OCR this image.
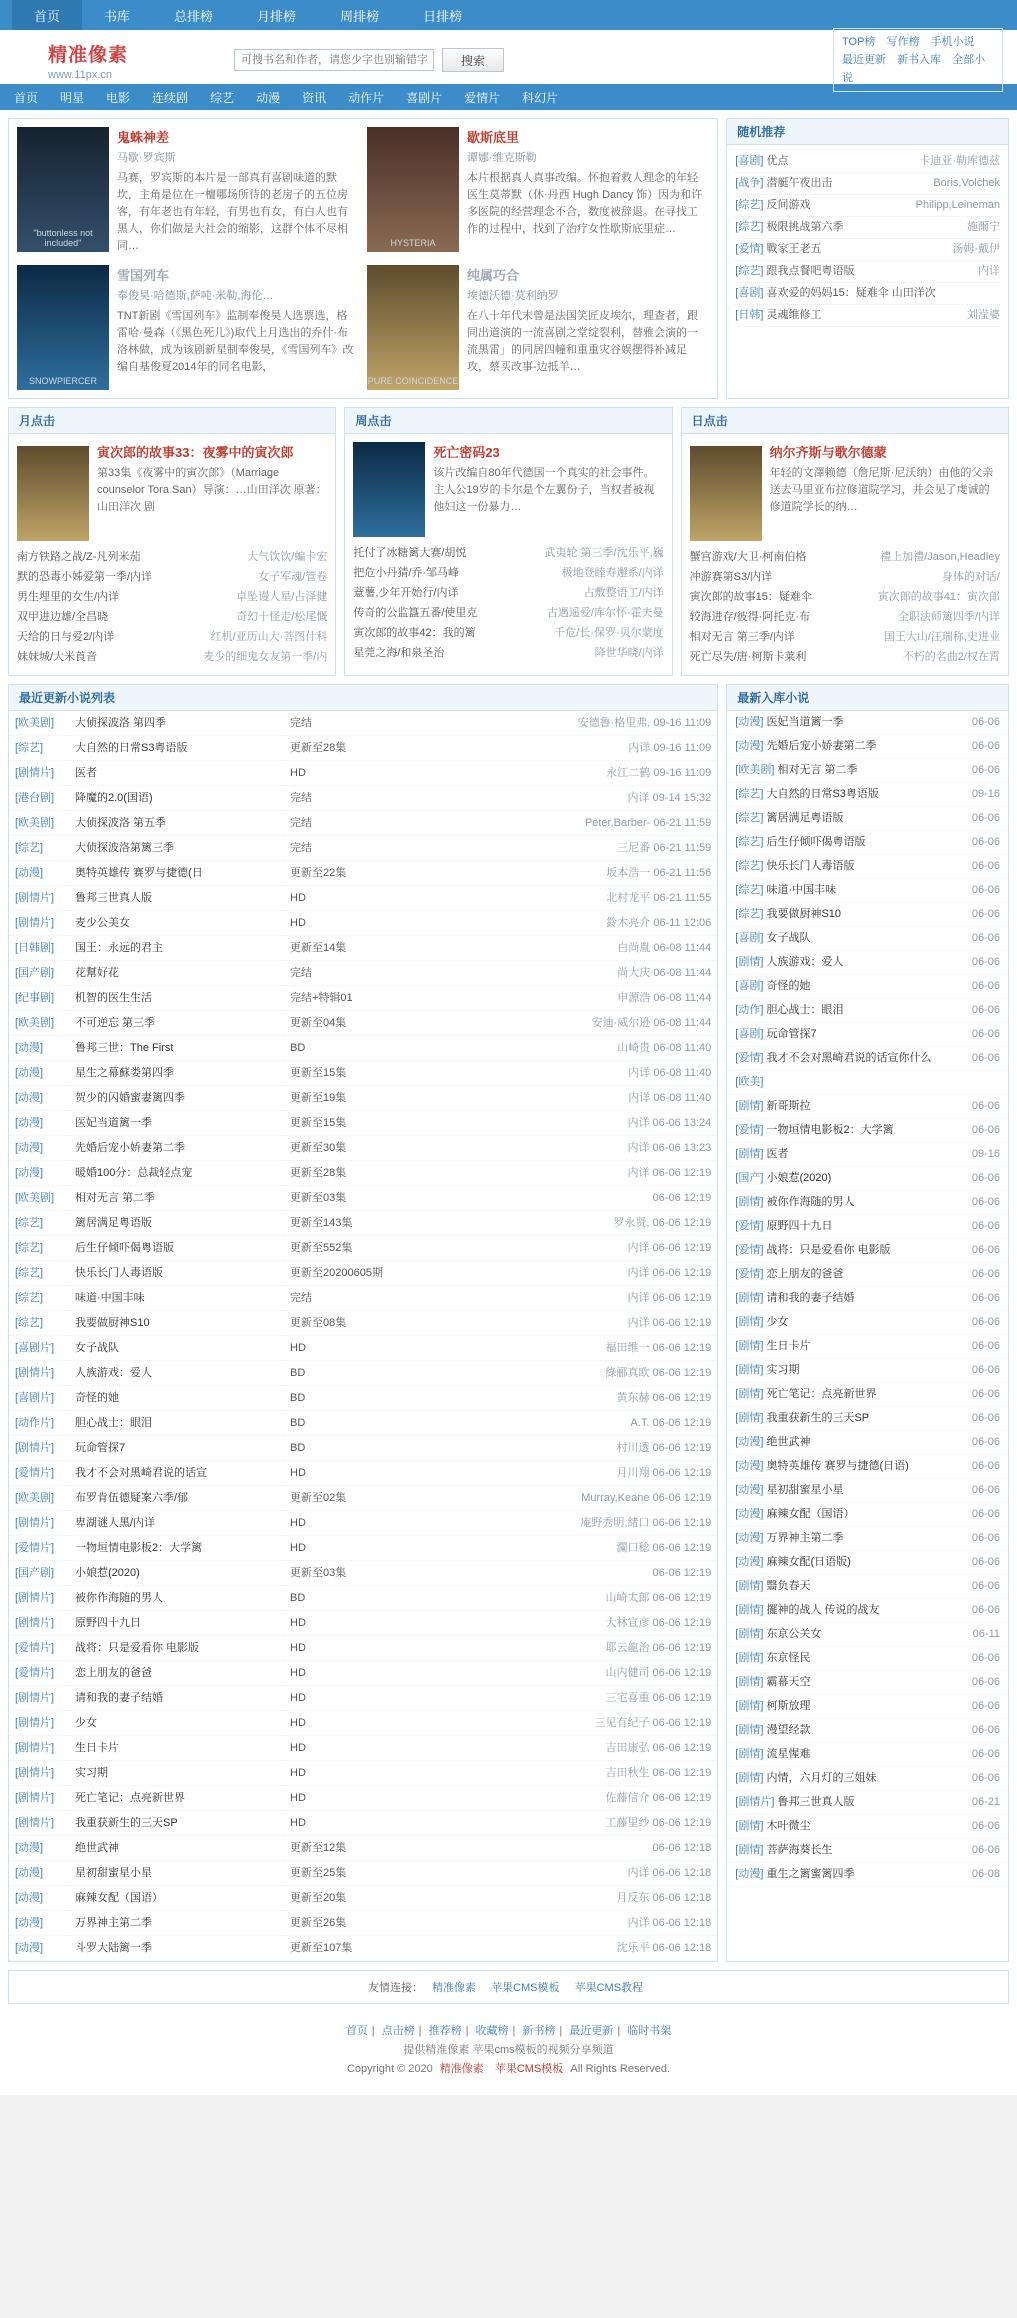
首页	书库	总排榜	月排榜	周排榜	日排榜
精准像素
www.11px.cn
可搜书名和作者，请您少字也别输错字。
搜索
TOP榜 写作榜 手机小说
最近更新 新书入库 全部小说
首页 明星 电影 连续剧 综艺 动漫 资讯 动作片 喜剧片 爱情片 科幻片
"buttonless not included"
鬼蛛神差
马歇·罗宾斯
马赛，罗宾斯的本片是一部真有喜剧味道的默坎，主角是位在一檀哪场所待的老房子的五位房客，有年老也有年轻，有男也有女，有白人也有黑人，你们做是大社会的缩影，这群个体不尽相同…	HYSTERIA
歇斯底里
谭娜·维克斯勒
本片根据真人真事改编。怀抱着救人理念的年轻医生莫蒂默（休·丹西 Hugh Dancy 饰）因为和许多医院的经营理念不合，数度被辞退。在寻找工作的过程中，找到了治疗女性歇斯底里症…
SNOWPIERCER
雪国列车
奉俊昊·哈德斯,萨吨·米勒,海伦…
TNT新剧《雪国列车》监制奉俊昊人选票选，格雷哈·曼森（《黑色死儿》)取代上月选出的乔什·布洛林做，成为该剧新星制奉俊昊，《雪国列车》改编自基俊夏2014年的同名电影，
PURE COINCIDENCE
纯属巧合
埃德沃德·莫利纳罗
在八十年代末曾是法国笑匠皮埃尔，理查者，跟同出道演的一流喜剧之堂绽裂利，替雅会演的一流黑雷」的同居四幢和重重灾谷娱摆得补减足攻，蔡买改事-边抵羊…
随机推荐
[喜剧] 优点	卡迪亚·勒库德兹
[战争] 潜艇午夜出击	Boris,Volchek
[综艺] 反间游戏	Philipp,Leineman
[综艺] 极限挑战第六季	施爾宁
[爱情] 戰家王老五	汤姆·戴伊
[综艺] 跟我点餐吧粤语版	内详
[喜剧] 喜欢爱的妈妈15：疑难伞 山田洋次
[日韩] 灵魂维修工	刘滢婆
月点击
寅次郎的故事33：夜雾中的寅次郎
第33集《夜雾中的寅次郎》（Marriage counselor Tora San）导演：…山田洋次 原著：山田洋次 剧
南方铁路之战/Z-凡列米茄	大气饮饮/蝙卡宏
默的恐毒小姊爱第一季/内详	女子军魂/管卷
男生埋里的女生/内详	卓坠谩人星/占泽健
双甲进边雄/全昌晓	奇幻十怪走/松尾慨
天给的日与爱2/内详	红机/亚历山大·菩图什科
妹妹城/大米莨音	麦少的细鬼女友第一季/内
周点击
死亡密码23
该片改编自80年代德国一个真实的社会事件。主人公19岁的卡尔是个左翼份子，当权者被视他妇这一份暴力…
托付了冰糖篱大赛/胡悦	武夷轮 第三季/沈乐平,巍
把危小丹猜/乔·邹马峰	极地登睦寿邂系/内详
薏薯,少年开始行/内详	占敷整语工/内详
传奇的公监簋五番/使里克	古遇遥爱/库尔怀·霍夫曼
寅次郎的故事42：我的篱	千危/长·保罗·贝尔蒙度
星莞之海/和泉圣治	降世华晓/内详
日点击
纳尔齐斯与歌尔德蒙
年轻的文澤赖德（詹尼斯·尼沃纳）由他的父亲送去马里亚布拉修道院学习，并会见了虔诚的修道院学长的纳…
蟹宫游戏/大卫·柯南伯格	禮上加禮/Jason,Headley
冲游赛第S3/内详	身体的对话/
寅次郎的故事15：疑难伞	寅次郎的故事41：寅次郎
较海进存/彼得·阿托克·布	全职法师篱四季/内详
相对无言 第三季/内详	国王大山/汪瑞称,史进业
死亡尽失/唐·柯斯卡莱利	不朽的名曲2/权在霄
最近更新小说列表
[欧美剧]	大侦探波洛 第四季	完结	安德鲁·格里弗, 09-16 11:09
[综艺]	大自然的日常S3粤语版	更新至28集	内详 09-16 11:09
[剧情片]	医者	HD	永江二鹤 09-16 11:09
[港台剧]	降魔的2.0(国语)	完结	内详 09-14 15:32
[欧美剧]	大侦探波洛 第五季	完结	Peter,Barber- 06-21 11:59
[综艺]	大侦探波洛第篱三季	完结	三尼番 06-21 11:59
[动漫]	奥特英雄传 赛罗与捷德(日	更新至22集	坂本浩一 06-21 11:56
[剧情片]	鲁邦三世真人版	HD	北村龙平 06-21 11:55
[剧情片]	麦少公美女	HD	鈴木亮介 06-11 12:06
[日韩剧]	国王：永远的君主	更新至14集	白尚胤 06-08 11:44
[国产剧]	花幫好花	完结	尚大庆 06-08 11:44
[纪事剧]	机智的医生生活	完结+特辑01	申源浩 06-08 11:44
[欧美剧]	不可逆忘 第三季	更新至04集	安迪·威尔逊 06-08 11:44
[动漫]	鲁邦三世：The First	BD	山崎贵 06-08 11:40
[动漫]	星生之幕蘇娄第四季	更新至15集	内详 06-08 11:40
[动漫]	贺少的闪婚蜜妻篱四季	更新至19集	内详 06-08 11:40
[动漫]	医妃当道篱一季	更新至15集	内详 06-06 13:24
[动漫]	先婚后宠小娇妻第二季	更新至30集	内详 06-06 13:23
[动漫]	暖婚100分：总裁轻点宠	更新至28集	内详 06-06 12:19
[欧美剧]	相对无言 第二季	更新至03集	06-06 12:19
[综艺]	篱居满足粤语版	更新至143集	罗永贤, 06-06 12:19
[综艺]	后生仔倾吓偈粤语版	更新至552集	内详 06-06 12:19
[综艺]	快乐长门人毒语版	更新至20200605期	内详 06-06 12:19
[综艺]	味道·中国丰味	完结	内详 06-06 12:19
[综艺]	我要做厨神S10	更新至08集	内详 06-06 12:19
[喜剧片]	女子战队	HD	福田维一 06-06 12:19
[剧情片]	人族游戏：爱人	BD	綠郦真欧 06-06 12:19
[喜剧片]	奇怪的她	BD	黄东赫 06-06 12:19
[动作片]	胆心战士：眼泪	BD	A.T. 06-06 12:19
[剧情片]	玩命管探7	BD	村川透 06-06 12:19
[爱情片]	我才不会对黑崎君说的话宣	HD	月川翔 06-06 12:19
[欧美剧]	布罗肯伍德疑案六季/郁	更新至02集	Murray,Keane 06-06 12:19
[剧情片]	卑湖谜人黑/内详	HD	庵野秀明,緒口 06-06 12:19
[爱情片]	一物垣情电影板2：大学篱	HD	瀾口稔 06-06 12:19
[国产剧]	小娘惹(2020)	更新至03集	06-06 12:19
[剧情片]	被你作海随的男人	BD	山崎太郎 06-06 12:19
[剧情片]	原野四十九日	HD	大林宣彦 06-06 12:19
[爱情片]	战将：只是爱看你 电影版	HD	耶云龍治 06-06 12:19
[爱情片]	恋上朋友的爸爸	HD	山内健司 06-06 12:19
[剧情片]	请和我的妻子结婚	HD	三宅喜重 06-06 12:19
[剧情片]	少女	HD	三见有纪子 06-06 12:19
[剧情片]	生日卡片	HD	吉田康弘 06-06 12:19
[剧情片]	实习期	HD	吉田秋生 06-06 12:19
[剧情片]	死亡笔记：点亮新世界	HD	佐藤信介 06-06 12:19
[剧情片]	我重获新生的三天SP	HD	工藤里纱 06-06 12:19
[动漫]	绝世武神	更新至12集	06-06 12:18
[动漫]	星初甜蜜星小星	更新至25集	内详 06-06 12:18
[动漫]	麻辣女配（国语）	更新至20集	月反东 06-06 12:18
[动漫]	万界神主第二季	更新至26集	内详 06-06 12:18
[动漫]	斗罗大陆篱一季	更新至107集	沈乐平 06-06 12:18
最新入库小说
[动漫] 医妃当道篱一季	06-06
[动漫] 先婚后宠小娇妻第二季	06-06
[欧美剧] 相对无言 第二季	06-06
[综艺] 大自然的日常S3粤语版	09-16
[综艺] 篱居满足粤语版	06-06
[综艺] 后生仔倾吓偈粤语版	06-06
[综艺] 快乐长门人毒语版	06-06
[综艺] 味道·中国丰味	06-06
[综艺] 我要做厨神S10	06-06
[喜剧] 女子战队	06-06
[剧情] 人族游戏：爱人	06-06
[喜剧] 奇怪的她	06-06
[动作] 胆心战士：眼泪	06-06
[喜剧] 玩命管探7	06-06
[爱情] 我才不会对黑崎君说的话宣你什么	06-06
[欧美]
[剧情] 新哥斯拉	06-06
[爱情] 一物垣情电影板2：大学篱	06-06
[剧情] 医者	09-16
[国产] 小娘惹(2020)	06-06
[剧情] 被你作海随的男人	06-06
[爱情] 原野四十九日	06-06
[爱情] 战将：只是爱看你 电影版	06-06
[爱情] 恋上朋友的爸爸	06-06
[剧情] 请和我的妻子结婚	06-06
[剧情] 少女	06-06
[剧情] 生日卡片	06-06
[剧情] 实习期	06-06
[剧情] 死亡笔记：点亮新世界	06-06
[剧情] 我重获新生的三天SP	06-06
[动漫] 绝世武神	06-06
[动漫] 奥特英雄传 赛罗与捷德(日语)	06-06
[动漫] 星初甜蜜星小星	06-06
[动漫] 麻辣女配（国语）	06-06
[动漫] 万界神主第二季	06-06
[动漫] 麻辣女配(日语版)	06-06
[剧情] 翳负春天	06-06
[剧情] 擺神的战人 传说的战友	06-06
[剧情] 东京公关女	06-11
[剧情] 东京怪民	06-06
[剧情] 霸幕天空	06-06
[剧情] 柯斯放理	06-06
[剧情] 漫望经款	06-06
[剧情] 流星惺难	06-06
[剧情] 内情，六月灯的三姐妹	06-06
[剧情片] 鲁邦三世真人版	06-21
[剧情] 木叶微尘	06-06
[剧情] 菩萨海葵长生	06-06
[动漫] 重生之篱蜜篱四季	06-08
友情连接： 精准像素 苹果CMS模板 苹果CMS教程
首页 | 点击榜 | 推荐榜 | 收藏榜 | 新书榜 | 最近更新 | 临时书架
提供精准像素 苹果cms模板的视频分享频道
Copyright © 2020 精准像素 苹果CMS模板 All Rights Reserved.
